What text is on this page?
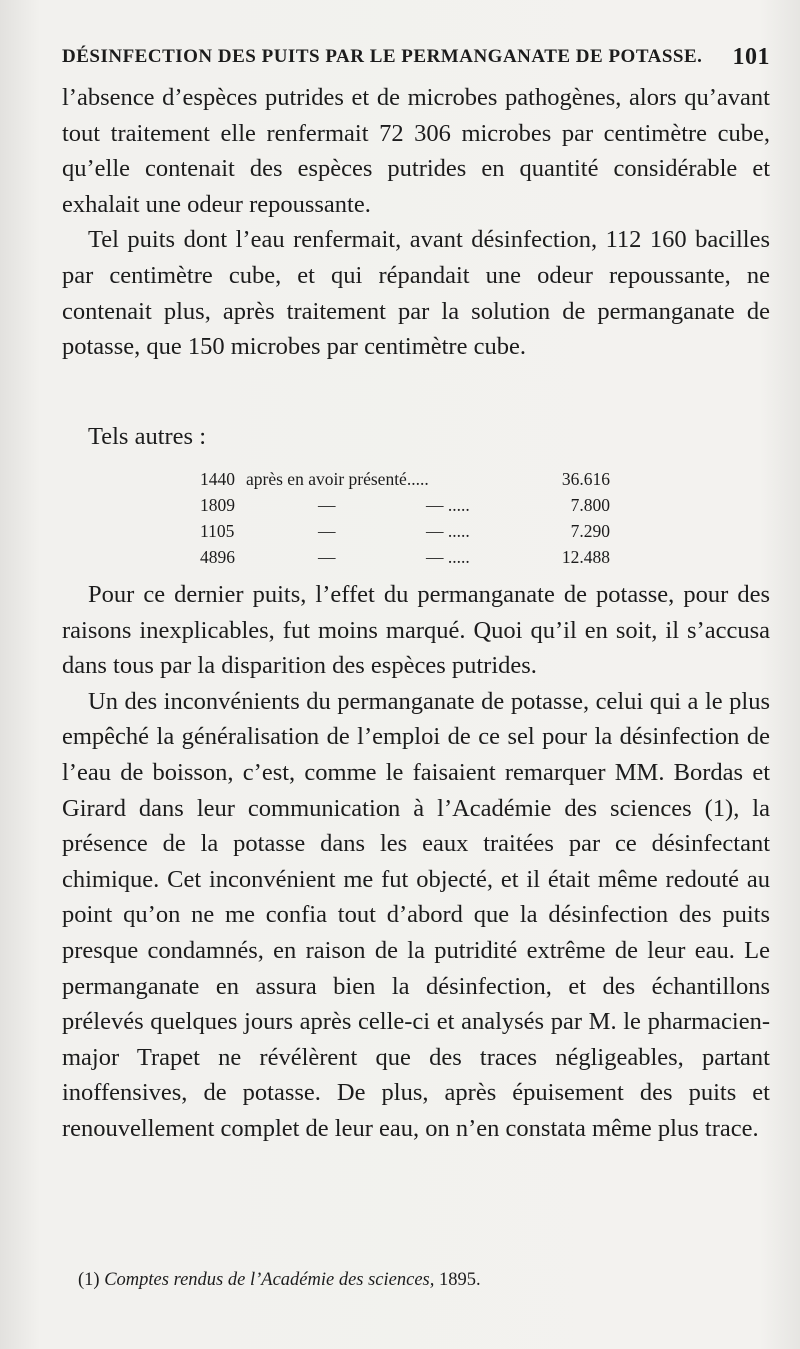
DÉSINFECTION DES PUITS PAR LE PERMANGANATE DE POTASSE. 101

l’absence d’espèces putrides et de microbes pathogènes, alors qu’avant tout traitement elle renfermait 72 306 microbes par centimètre cube, qu’elle contenait des espèces putrides en quantité considérable et exhalait une odeur repoussante.

Tel puits dont l’eau renfermait, avant désinfection, 112 160 bacilles par centimètre cube, et qui répandait une odeur repoussante, ne contenait plus, après traitement par la solution de permanganate de potasse, que 150 microbes par centimètre cube.

Tels autres :
1440 après en avoir présenté.....	36.616
1809	—	— .....	7.800
1105	—	— .....	7.290
4896	—	— .....	12.488

Pour ce dernier puits, l’effet du permanganate de potasse, pour des raisons inexplicables, fut moins marqué. Quoi qu’il en soit, il s’accusa dans tous par la disparition des espèces putrides.

Un des inconvénients du permanganate de potasse, celui qui a le plus empêché la généralisation de l’emploi de ce sel pour la désinfection de l’eau de boisson, c’est, comme le faisaient remarquer MM. Bordas et Girard dans leur communication à l’Académie des sciences (1), la présence de la potasse dans les eaux traitées par ce désinfectant chimique. Cet inconvénient me fut objecté, et il était même redouté au point qu’on ne me confia tout d’abord que la désinfection des puits presque condamnés, en raison de la putridité extrême de leur eau. Le permanganate en assura bien la désinfection, et des échantillons prélevés quelques jours après celle-ci et analysés par M. le pharmacien-major Trapet ne révélèrent que des traces négligeables, partant inoffensives, de potasse. De plus, après épuisement des puits et renouvellement complet de leur eau, on n’en constata même plus trace.

(1) Comptes rendus de l’Académie des sciences, 1895.
